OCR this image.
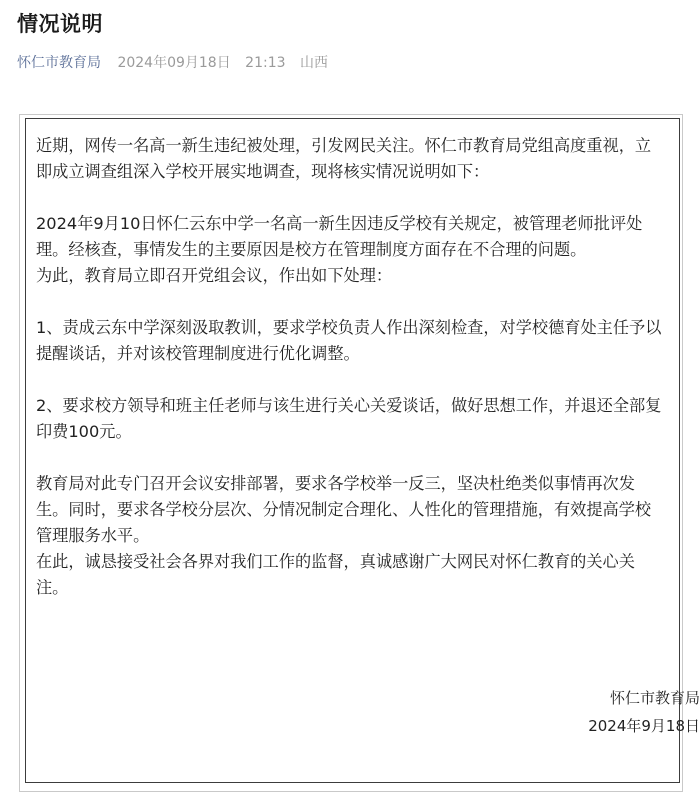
情况说明
怀仁市教育局 2024年09月18日 21:13 山西

近期，网传一名高一新生违纪被处理，引发网民关注。怀仁市教育局党组高度重视，立即成立调查组深入学校开展实地调查，现将核实情况说明如下：

2024年9月10日怀仁云东中学一名高一新生因违反学校有关规定，被管理老师批评处理。经核查，事情发生的主要原因是校方在管理制度方面存在不合理的问题。

为此，教育局立即召开党组会议，作出如下处理：

1、责成云东中学深刻汲取教训，要求学校负责人作出深刻检查，对学校德育处主任予以提醒谈话，并对该校管理制度进行优化调整。

2、要求校方领导和班主任老师与该生进行关心关爱谈话，做好思想工作，并退还全部复印费100元。

教育局对此专门召开会议安排部署，要求各学校举一反三，坚决杜绝类似事情再次发生。同时，要求各学校分层次、分情况制定合理化、人性化的管理措施，有效提高学校管理服务水平。

在此，诚恳接受社会各界对我们工作的监督，真诚感谢广大网民对怀仁教育的关心关注。

怀仁市教育局
2024年9月18日
